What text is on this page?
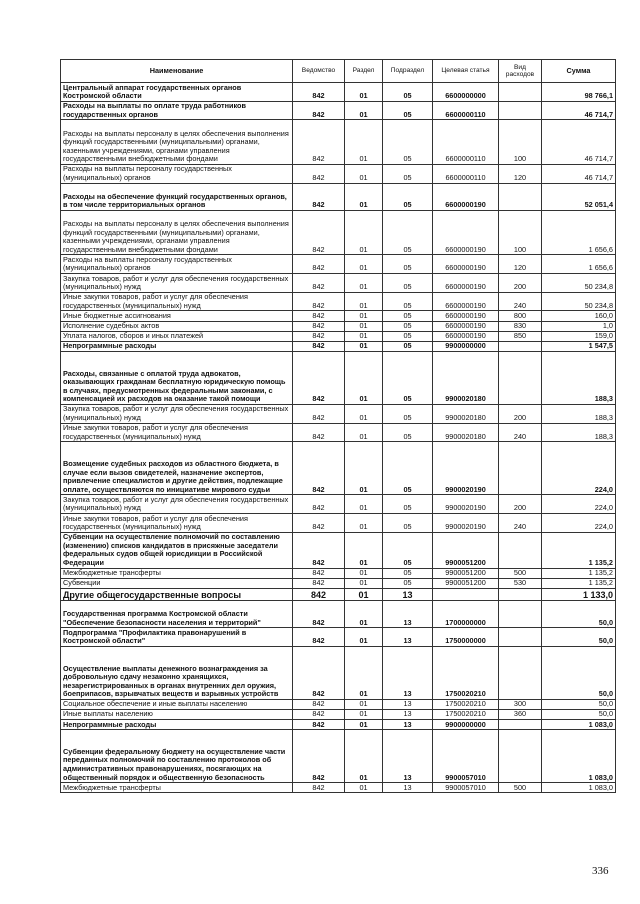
Наименование	Ведомство	Раздел	Подраздел	Целевая статья	Вид расходов	Сумма
Центральный аппарат государственных органов Костромской области	842	01	05	6600000000		98 766,1
Расходы на выплаты по оплате труда работников государственных органов	842	01	05	6600000110		46 714,7
Расходы на выплаты персоналу в целях обеспечения выполнения функций государственными (муниципальными) органами, казенными учреждениями, органами управления государственными внебюджетными фондами	842	01	05	6600000110	100	46 714,7
Расходы на выплаты персоналу государственных (муниципальных) органов	842	01	05	6600000110	120	46 714,7
Расходы на обеспечение функций государственных органов, в том числе территориальных органов	842	01	05	6600000190		52 051,4
Расходы на выплаты персоналу в целях обеспечения выполнения функций государственными (муниципальными) органами, казенными учреждениями, органами управления государственными внебюджетными фондами	842	01	05	6600000190	100	1 656,6
Расходы на выплаты персоналу государственных (муниципальных) органов	842	01	05	6600000190	120	1 656,6
Закупка товаров, работ и услуг для обеспечения государственных (муниципальных) нужд	842	01	05	6600000190	200	50 234,8
Иные закупки товаров, работ и услуг для обеспечения государственных (муниципальных) нужд	842	01	05	6600000190	240	50 234,8
Иные бюджетные ассигнования	842	01	05	6600000190	800	160,0
Исполнение судебных актов	842	01	05	6600000190	830	1,0
Уплата налогов, сборов и иных платежей	842	01	05	6600000190	850	159,0
Непрограммные расходы	842	01	05	9900000000		1 547,5
Расходы, связанные с оплатой труда адвокатов, оказывающих гражданам бесплатную юридическую помощь в случаях, предусмотренных федеральными законами, с компенсацией их расходов на оказание такой помощи	842	01	05	9900020180		188,3
Закупка товаров, работ и услуг для обеспечения государственных (муниципальных) нужд	842	01	05	9900020180	200	188,3
Иные закупки товаров, работ и услуг для обеспечения государственных (муниципальных) нужд	842	01	05	9900020180	240	188,3
Возмещение судебных расходов из областного бюджета, в случае если вызов свидетелей, назначение экспертов, привлечение специалистов и другие действия, подлежащие оплате, осуществляются по инициативе мирового судьи	842	01	05	9900020190		224,0
Закупка товаров, работ и услуг для обеспечения государственных (муниципальных) нужд	842	01	05	9900020190	200	224,0
Иные закупки товаров, работ и услуг для обеспечения государственных (муниципальных) нужд	842	01	05	9900020190	240	224,0
Субвенции на осуществление полномочий по составлению (изменению) списков кандидатов в присяжные заседатели федеральных судов общей юрисдикции в Российской Федерации	842	01	05	9900051200		1 135,2
Межбюджетные трансферты	842	01	05	9900051200	500	1 135,2
Субвенции	842	01	05	9900051200	530	1 135,2
Другие общегосударственные вопросы	842	01	13			1 133,0
Государственная программа Костромской области "Обеспечение безопасности населения и территорий"	842	01	13	1700000000		50,0
Подпрограмма "Профилактика правонарушений в Костромской области"	842	01	13	1750000000		50,0
Осуществление выплаты денежного вознаграждения за добровольную сдачу незаконно хранящихся, незарегистрированных в органах внутренних дел оружия, боеприпасов, взрывчатых веществ и взрывных устройств	842	01	13	1750020210		50,0
Социальное обеспечение и иные выплаты населению	842	01	13	1750020210	300	50,0
Иные выплаты населению	842	01	13	1750020210	360	50,0
Непрограммные расходы	842	01	13	9900000000		1 083,0
Субвенции федеральному бюджету на осуществление части переданных полномочий по составлению протоколов об административных правонарушениях, посягающих на общественный порядок и общественную безопасность	842	01	13	9900057010		1 083,0
Межбюджетные трансферты	842	01	13	9900057010	500	1 083,0
336
